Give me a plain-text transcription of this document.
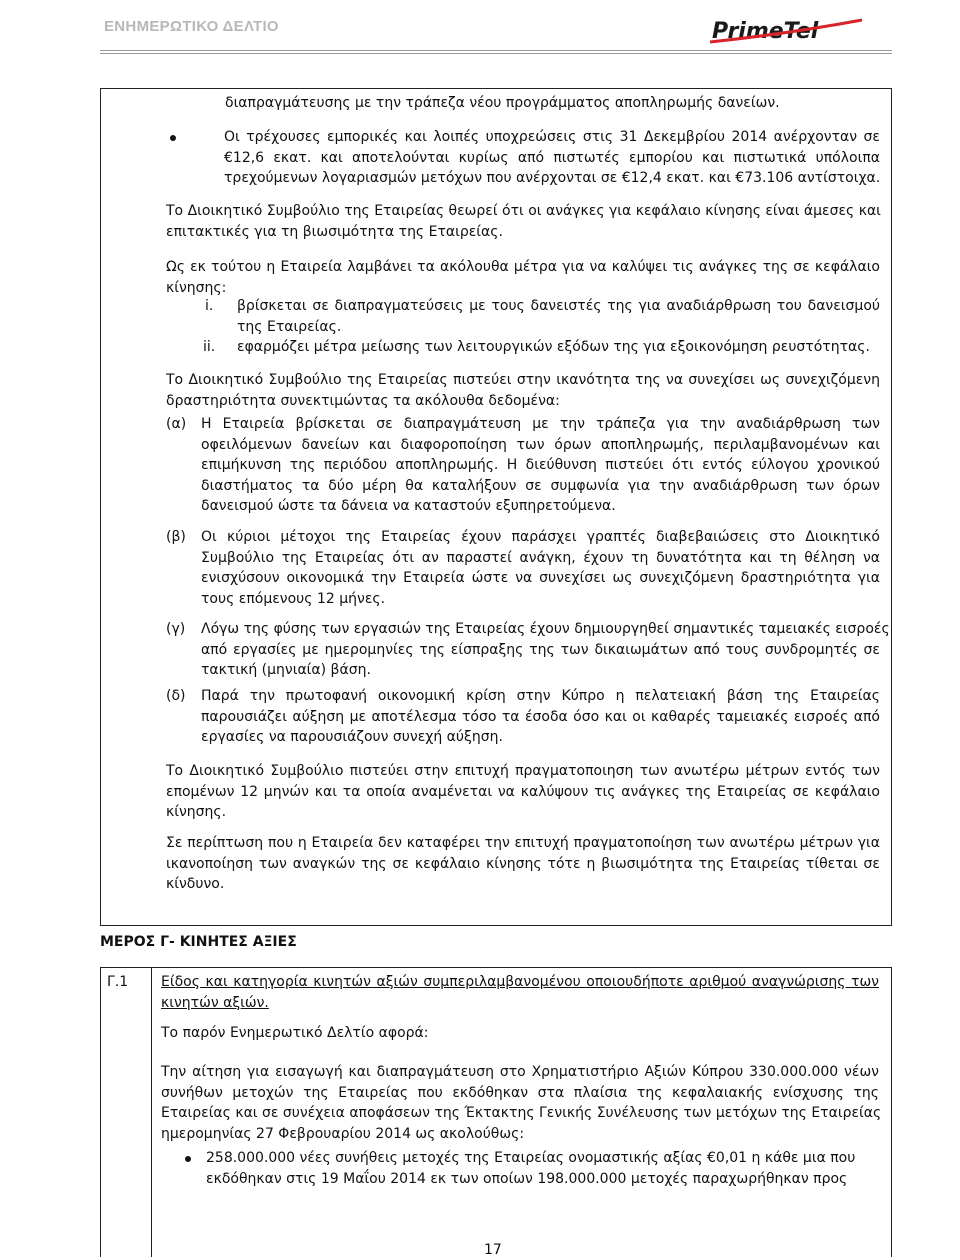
ΕΝΗΜΕΡΩΤΙΚΟ ΔΕΛΤΙΟ	PrimeTel
διαπραγμάτευσης με την τράπεζα νέου προγράμματος αποπληρωμής δανείων.
Οι τρέχουσες εμπορικές και λοιπές υποχρεώσεις στις 31 Δεκεμβρίου 2014 ανέρχονταν σε
€12,6 εκατ. και αποτελούνται κυρίως από πιστωτές εμπορίου και πιστωτικά υπόλοιπα
τρεχούμενων λογαριασμών μετόχων που ανέρχονται σε €12,4 εκατ. και €73.106 αντίστοιχα.
Το Διοικητικό Συμβούλιο της Εταιρείας θεωρεί ότι οι ανάγκες για κεφάλαιο κίνησης είναι άμεσες και
επιτακτικές για τη βιωσιμότητα της Εταιρείας.
Ως εκ τούτου η Εταιρεία λαμβάνει τα ακόλουθα μέτρα για να καλύψει τις ανάγκες της σε κεφάλαιο
κίνησης:
i. βρίσκεται σε διαπραγματεύσεις με τους δανειστές της για αναδιάρθρωση του δανεισμού
της Εταιρείας.
ii. εφαρμόζει μέτρα μείωσης των λειτουργικών εξόδων της για εξοικονόμηση ρευστότητας.
Το Διοικητικό Συμβούλιο της Εταιρείας πιστεύει στην ικανότητα της να συνεχίσει ως συνεχιζόμενη
δραστηριότητα συνεκτιμώντας τα ακόλουθα δεδομένα:
(α) Η Εταιρεία βρίσκεται σε διαπραγμάτευση με την τράπεζα για την αναδιάρθρωση των
οφειλόμενων δανείων και διαφοροποίηση των όρων αποπληρωμής, περιλαμβανομένων και
επιμήκυνση της περιόδου αποπληρωμής. Η διεύθυνση πιστεύει ότι εντός εύλογου χρονικού
διαστήματος τα δύο μέρη θα καταλήξουν σε συμφωνία για την αναδιάρθρωση των όρων
δανεισμού ώστε τα δάνεια να καταστούν εξυπηρετούμενα.
(β) Οι κύριοι μέτοχοι της Εταιρείας έχουν παράσχει γραπτές διαβεβαιώσεις στο Διοικητικό
Συμβούλιο της Εταιρείας ότι αν παραστεί ανάγκη, έχουν τη δυνατότητα και τη θέληση να
ενισχύσουν οικονομικά την Εταιρεία ώστε να συνεχίσει ως συνεχιζόμενη δραστηριότητα για
τους επόμενους 12 μήνες.
(γ) Λόγω της φύσης των εργασιών της Εταιρείας έχουν δημιουργηθεί σημαντικές ταμειακές εισροές
από εργασίες με ημερομηνίες της είσπραξης της των δικαιωμάτων από τους συνδρομητές σε
τακτική (μηνιαία) βάση.
(δ) Παρά την πρωτοφανή οικονομική κρίση στην Κύπρο η πελατειακή βάση της Εταιρείας
παρουσιάζει αύξηση με αποτέλεσμα τόσο τα έσοδα όσο και οι καθαρές ταμειακές εισροές από
εργασίες να παρουσιάζουν συνεχή αύξηση.
Το Διοικητικό Συμβούλιο πιστεύει στην επιτυχή πραγματοποιηση των ανωτέρω μέτρων εντός των
επομένων 12 μηνών και τα οποία αναμένεται να καλύψουν τις ανάγκες της Εταιρείας σε κεφάλαιο
κίνησης.
Σε περίπτωση που η Εταιρεία δεν καταφέρει την επιτυχή πραγματοποίηση των ανωτέρω μέτρων για
ικανοποίηση των αναγκών της σε κεφάλαιο κίνησης τότε η βιωσιμότητα της Εταιρείας τίθεται σε
κίνδυνο.
ΜΕΡΟΣ Γ- ΚΙΝΗΤΕΣ ΑΞΙΕΣ
Γ.1 Είδος και κατηγορία κινητών αξιών συμπεριλαμβανομένου οποιουδήποτε αριθμού αναγνώρισης των
κινητών αξιών.
Το παρόν Ενημερωτικό Δελτίο αφορά:
Την αίτηση για εισαγωγή και διαπραγμάτευση στο Χρηματιστήριο Αξιών Κύπρου 330.000.000 νέων
συνήθων μετοχών της Εταιρείας που εκδόθηκαν στα πλαίσια της κεφαλαιακής ενίσχυσης της
Εταιρείας και σε συνέχεια αποφάσεων της Έκτακτης Γενικής Συνέλευσης των μετόχων της Εταιρείας
ημερομηνίας 27 Φεβρουαρίου 2014 ως ακολούθως:
258.000.000 νέες συνήθεις μετοχές της Εταιρείας ονομαστικής αξίας €0,01 η κάθε μια που
εκδόθηκαν στις 19 Μαΐου 2014 εκ των οποίων 198.000.000 μετοχές παραχωρήθηκαν προς
17
